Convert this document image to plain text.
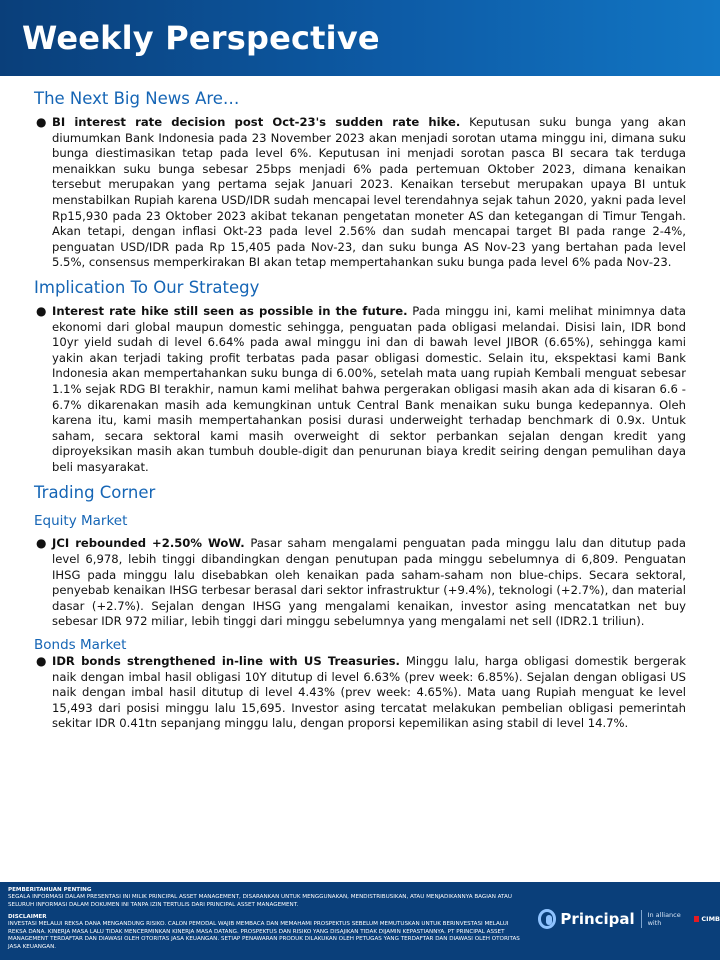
Weekly Perspective
The Next Big News Are…

● BI interest rate decision post Oct-23's sudden rate hike. Keputusan suku bunga yang akan diumumkan Bank Indonesia pada 23 November 2023 akan menjadi sorotan utama minggu ini, dimana suku bunga diestimasikan tetap pada level 6%. Keputusan ini menjadi sorotan pasca BI secara tak terduga menaikkan suku bunga sebesar 25bps menjadi 6% pada pertemuan Oktober 2023, dimana kenaikan tersebut merupakan yang pertama sejak Januari 2023. Kenaikan tersebut merupakan upaya BI untuk menstabilkan Rupiah karena USD/IDR sudah mencapai level terendahnya sejak tahun 2020, yakni pada level Rp15,930 pada 23 Oktober 2023 akibat tekanan pengetatan moneter AS dan ketegangan di Timur Tengah. Akan tetapi, dengan inflasi Okt-23 pada level 2.56% dan sudah mencapai target BI pada range 2-4%, penguatan USD/IDR pada Rp 15,405 pada Nov-23, dan suku bunga AS Nov-23 yang bertahan pada level 5.5%, consensus memperkirakan BI akan tetap mempertahankan suku bunga pada level 6% pada Nov-23.

Implication To Our Strategy

● Interest rate hike still seen as possible in the future. Pada minggu ini, kami melihat minimnya data ekonomi dari global maupun domestic sehingga, penguatan pada obligasi melandai. Disisi lain, IDR bond 10yr yield sudah di level 6.64% pada awal minggu ini dan di bawah level JIBOR (6.65%), sehingga kami yakin akan terjadi taking profit terbatas pada pasar obligasi domestic. Selain itu, ekspektasi kami Bank Indonesia akan mempertahankan suku bunga di 6.00%, setelah mata uang rupiah Kembali menguat sebesar 1.1% sejak RDG BI terakhir, namun kami melihat bahwa pergerakan obligasi masih akan ada di kisaran 6.6 - 6.7% dikarenakan masih ada kemungkinan untuk Central Bank menaikan suku bunga kedepannya. Oleh karena itu, kami masih mempertahankan posisi durasi underweight terhadap benchmark di 0.9x. Untuk saham, secara sektoral kami masih overweight di sektor perbankan sejalan dengan kredit yang diproyeksikan masih akan tumbuh double-digit dan penurunan biaya kredit seiring dengan pemulihan daya beli masyarakat.

Trading Corner
Equity Market

● JCI rebounded +2.50% WoW. Pasar saham mengalami penguatan pada minggu lalu dan ditutup pada level 6,978, lebih tinggi dibandingkan dengan penutupan pada minggu sebelumnya di 6,809. Penguatan IHSG pada minggu lalu disebabkan oleh kenaikan pada saham-saham non blue-chips. Secara sektoral, penyebab kenaikan IHSG terbesar berasal dari sektor infrastruktur (+9.4%), teknologi (+2.7%), dan material dasar (+2.7%). Sejalan dengan IHSG yang mengalami kenaikan, investor asing mencatatkan net buy sebesar IDR 972 miliar, lebih tinggi dari minggu sebelumnya yang mengalami net sell (IDR2.1 triliun).

Bonds Market

● IDR bonds strengthened in-line with US Treasuries. Minggu lalu, harga obligasi domestik bergerak naik dengan imbal hasil obligasi 10Y ditutup di level 6.63% (prev week: 6.85%). Sejalan dengan obligasi US naik dengan imbal hasil ditutup di level 4.43% (prev week: 4.65%). Mata uang Rupiah menguat ke level 15,493 dari posisi minggu lalu 15,695. Investor asing tercatat melakukan pembelian obligasi pemerintah sekitar IDR 0.41tn sepanjang minggu lalu, dengan proporsi kepemilikan asing stabil di level 14.7%.

PEMBERITAHUAN PENTING
SEGALA INFORMASI DALAM PRESENTASI INI MILIK PRINCIPAL ASSET MANAGEMENT, DISARANKAN UNTUK MENGGUNAKAN, MENDISTRIBUSIKAN, ATAU MENJADIKANNYA BAGIAN ATAU SELURUH INFORMASI DALAM DOKUMEN INI TANPA IZIN TERTULIS DARI PRINCIPAL ASSET MANAGEMENT.
DISCLAIMER
INVESTASI MELALUI REKSA DANA MENGANDUNG RISIKO. CALON PEMODAL WAJIB MEMBACA DAN MEMAHAMI PROSPEKTUS SEBELUM MEMUTUSKAN UNTUK BERINVESTASI MELALUI REKSA DANA. KINERJA MASA LALU TIDAK MENCERMINKAN KINERJA MASA DATANG. PROSPEKTUS DAN RISIKO YANG DISAJIKAN TIDAK DIJAMIN KEPASTIANNYA. PT PRINCIPAL ASSET MANAGEMENT TERDAFTAR DAN DIAWASI OLEH OTORITAS JASA KEUANGAN. SETIAP PENAWARAN PRODUK DILAKUKAN OLEH PETUGAS YANG TERDAFTAR DAN DIAWASI OLEH OTORITAS JASA KEUANGAN.
Principal In alliance with	CIMB
